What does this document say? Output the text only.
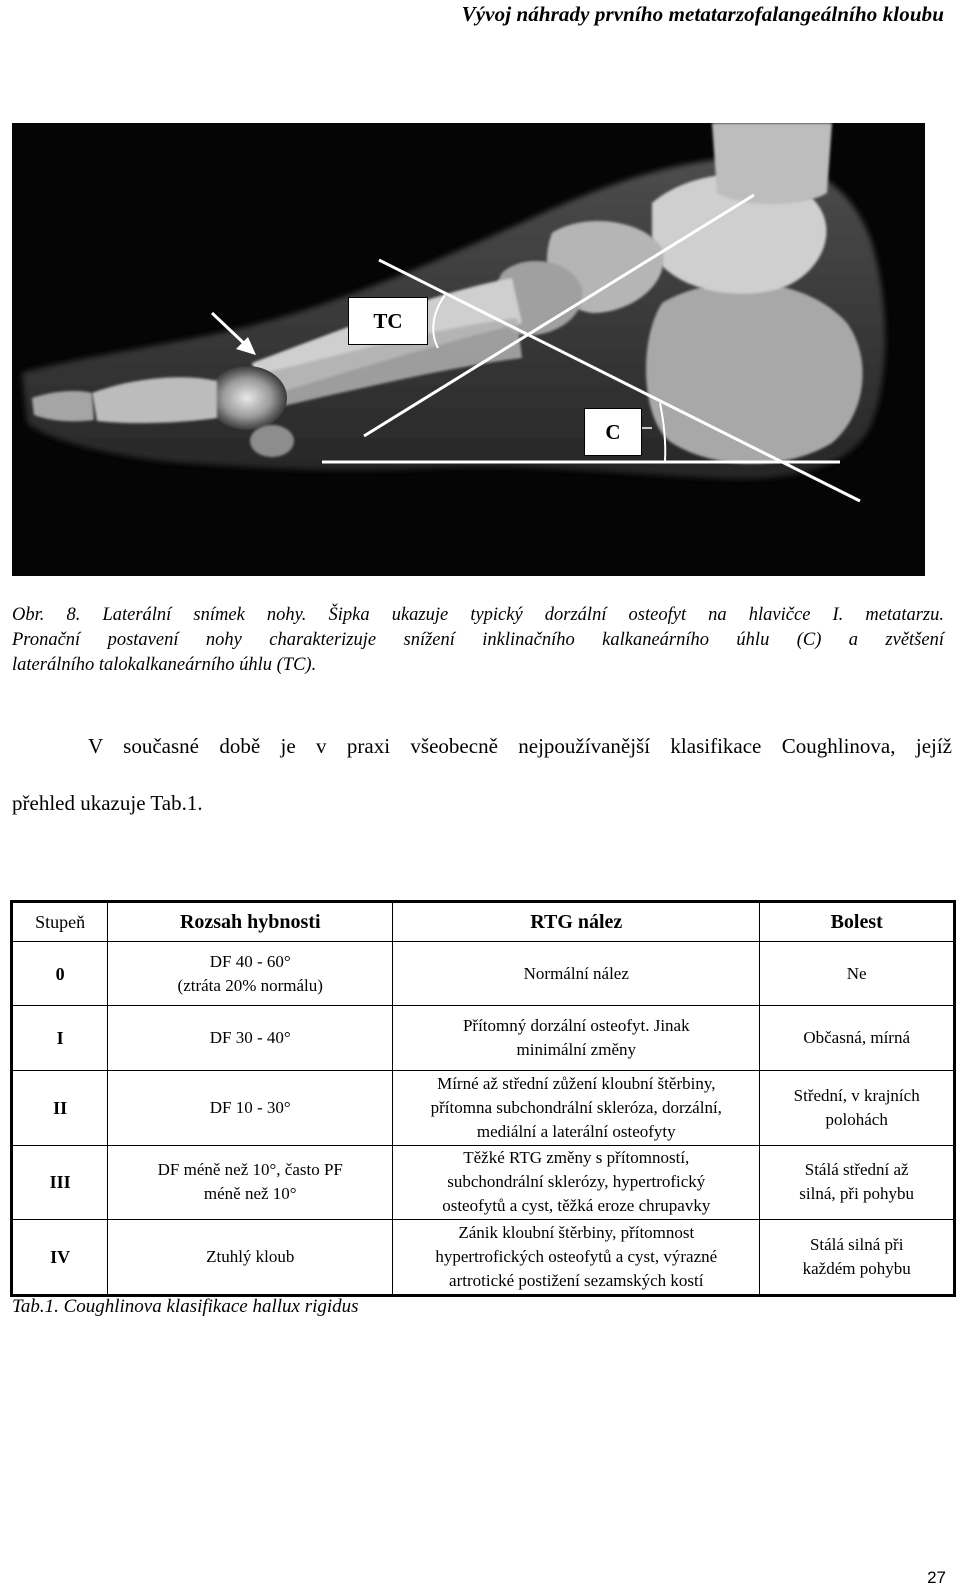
Vývoj náhrady prvního metatarzofalangeálního kloubu
TC
C
Obr. 8. Laterální snímek nohy. Šipka ukazuje typický dorzální osteofyt na hlavičce I. metatarzu.
Pronační postavení nohy charakterizuje snížení inklinačního kalkaneárního úhlu (C) a zvětšení
laterálního talokalkaneárního úhlu (TC).
V současné době je v praxi všeobecně nejpoužívanější klasifikace Coughlinova, jejíž
přehled ukazuje Tab.1.
Stupeň	Rozsah hybnosti	RTG nález	Bolest
0	DF 40 - 60°
(ztráta 20% normálu)	Normální nález	Ne

I	DF 30 - 40°	Přítomný dorzální osteofyt. Jinak
minimální změny	Občasná, mírná

II	DF 10 - 30°	Mírné až střední zůžení kloubní štěrbiny,
přítomna subchondrální skleróza, dorzální,
mediální a laterální osteofyty	Střední, v krajních
polohách

III	DF méně než 10°, často PF
méně než 10°	Těžké RTG změny s přítomností,
subchondrální sklerózy, hypertrofický
osteofytů a cyst, těžká eroze chrupavky	Stálá střední až
silná, při pohybu

IV	Ztuhlý kloub	Zánik kloubní štěrbiny, přítomnost
hypertrofických osteofytů a cyst, výrazné
artrotické postižení sezamských kostí	Stálá silná při
každém pohybu
Tab.1. Coughlinova klasifikace hallux rigidus
27
